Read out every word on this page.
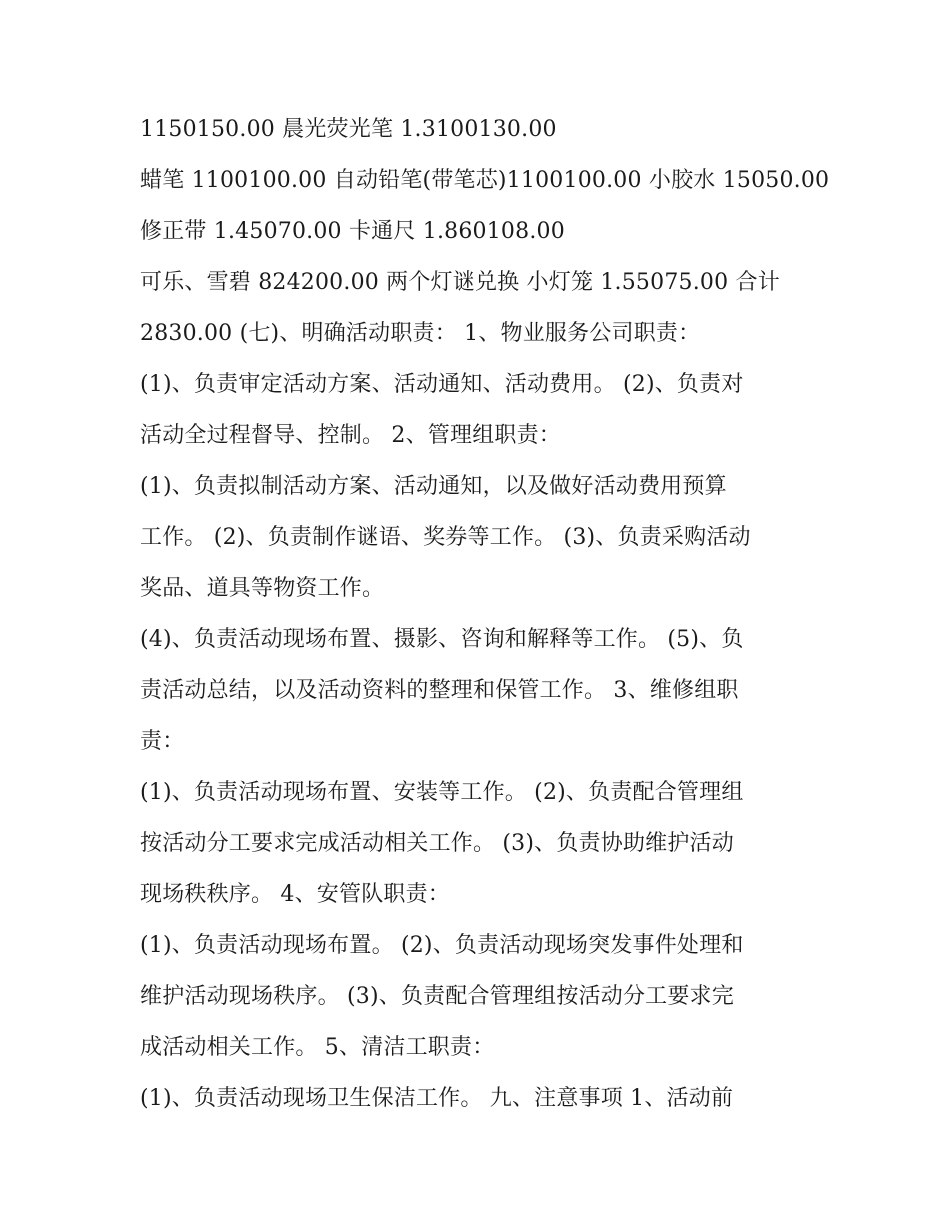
1150150.00 晨光荧光笔 1.3100130.00
蜡笔 1100100.00 自动铅笔(带笔芯)1100100.00 小胶水 15050.00
修正带 1.45070.00 卡通尺 1.860108.00
可乐、雪碧 824200.00 两个灯谜兑换 小灯笼 1.55075.00 合计
2830.00 (七)、明确活动职责： 1、物业服务公司职责：
(1)、负责审定活动方案、活动通知、活动费用。 (2)、负责对
活动全过程督导、控制。 2、管理组职责：
(1)、负责拟制活动方案、活动通知，以及做好活动费用预算
工作。 (2)、负责制作谜语、奖券等工作。 (3)、负责采购活动
奖品、道具等物资工作。
(4)、负责活动现场布置、摄影、咨询和解释等工作。 (5)、负
责活动总结，以及活动资料的整理和保管工作。 3、维修组职
责：
(1)、负责活动现场布置、安装等工作。 (2)、负责配合管理组
按活动分工要求完成活动相关工作。 (3)、负责协助维护活动
现场秩秩序。 4、安管队职责：
(1)、负责活动现场布置。 (2)、负责活动现场突发事件处理和
维护活动现场秩序。 (3)、负责配合管理组按活动分工要求完
成活动相关工作。 5、清洁工职责：
(1)、负责活动现场卫生保洁工作。 九、注意事项 1、活动前
